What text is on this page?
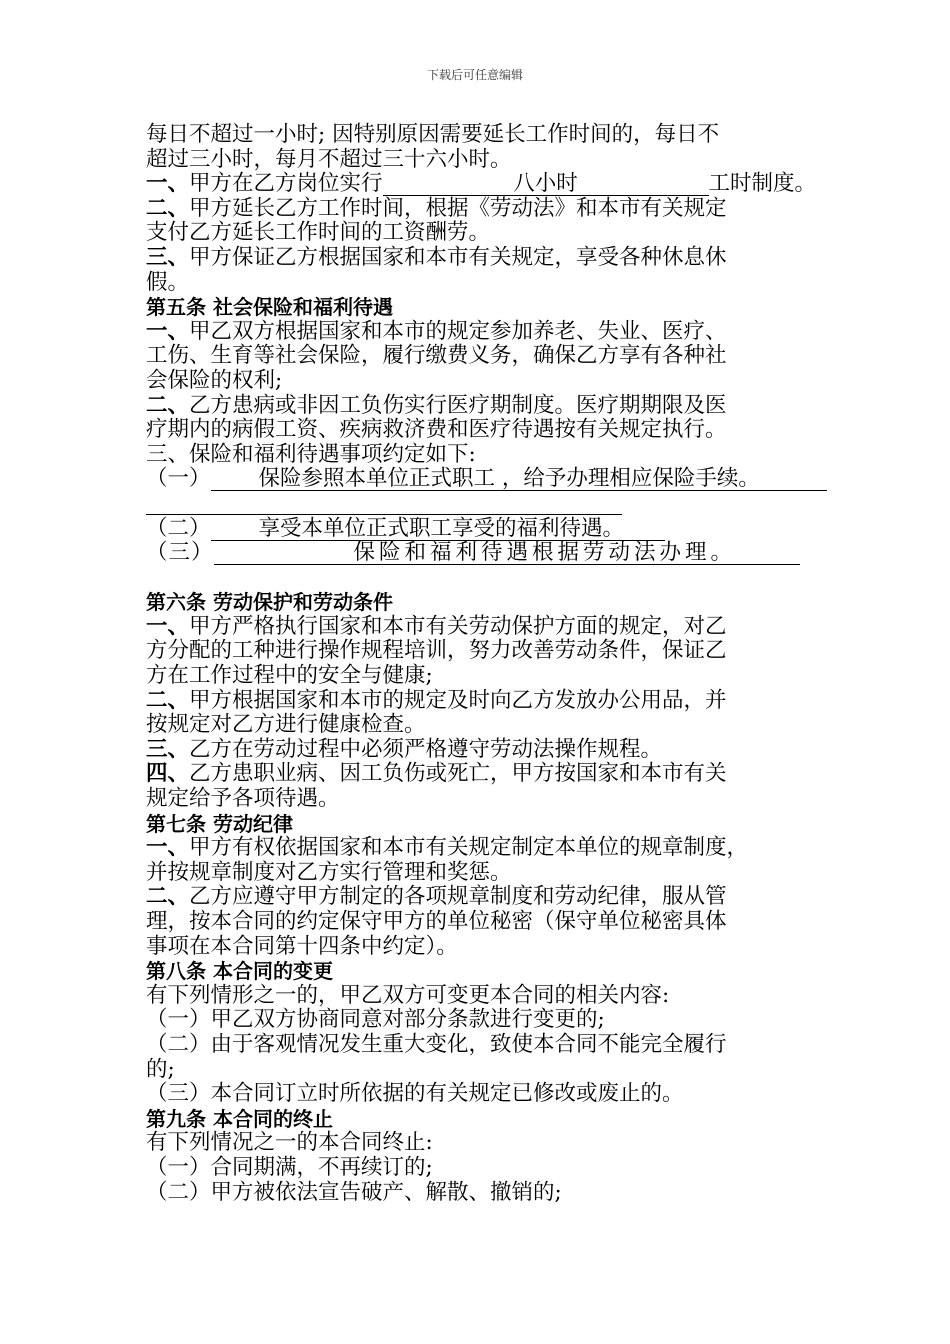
下载后可任意编辑
每日不超过一小时; 因特别原因需要延长工作时间的，每日不
超过三小时，每月不超过三十六小时。
一、甲方在乙方岗位实行	八小时	工时制度。
二、甲方延长乙方工作时间，根据《劳动法》和本市有关规定
支付乙方延长工作时间的工资酬劳。
三、甲方保证乙方根据国家和本市有关规定，享受各种休息休
假。
第五条 社会保险和福利待遇
一、甲乙双方根据国家和本市的规定参加养老、失业、医疗、
工伤、生育等社会保险，履行缴费义务，确保乙方享有各种社
会保险的权利;
二、乙方患病或非因工负伤实行医疗期制度。医疗期期限及医
疗期内的病假工资、疾病救济费和医疗待遇按有关规定执行。
三、保险和福利待遇事项约定如下:
（一） 保险参照本单位正式职工 ，给予办理相应保险手续。
（二） 享受本单位正式职工享受的福利待遇。
（三）	保险和福利待遇根据劳动法办理。
第六条 劳动保护和劳动条件
一、甲方严格执行国家和本市有关劳动保护方面的规定，对乙
方分配的工种进行操作规程培训，努力改善劳动条件，保证乙
方在工作过程中的安全与健康;
二、甲方根据国家和本市的规定及时向乙方发放办公用品，并
按规定对乙方进行健康检查。
三、乙方在劳动过程中必须严格遵守劳动法操作规程。
四、乙方患职业病、因工负伤或死亡，甲方按国家和本市有关
规定给予各项待遇。
第七条 劳动纪律
一、甲方有权依据国家和本市有关规定制定本单位的规章制度，
并按规章制度对乙方实行管理和奖惩。
二、乙方应遵守甲方制定的各项规章制度和劳动纪律，服从管
理，按本合同的约定保守甲方的单位秘密（保守单位秘密具体
事项在本合同第十四条中约定）。
第八条 本合同的变更
有下列情形之一的，甲乙双方可变更本合同的相关内容:
（一）甲乙双方协商同意对部分条款进行变更的;
（二）由于客观情况发生重大变化，致使本合同不能完全履行
的;
（三）本合同订立时所依据的有关规定已修改或废止的。
第九条 本合同的终止
有下列情况之一的本合同终止:
（一）合同期满，不再续订的;
（二）甲方被依法宣告破产、解散、撤销的;
